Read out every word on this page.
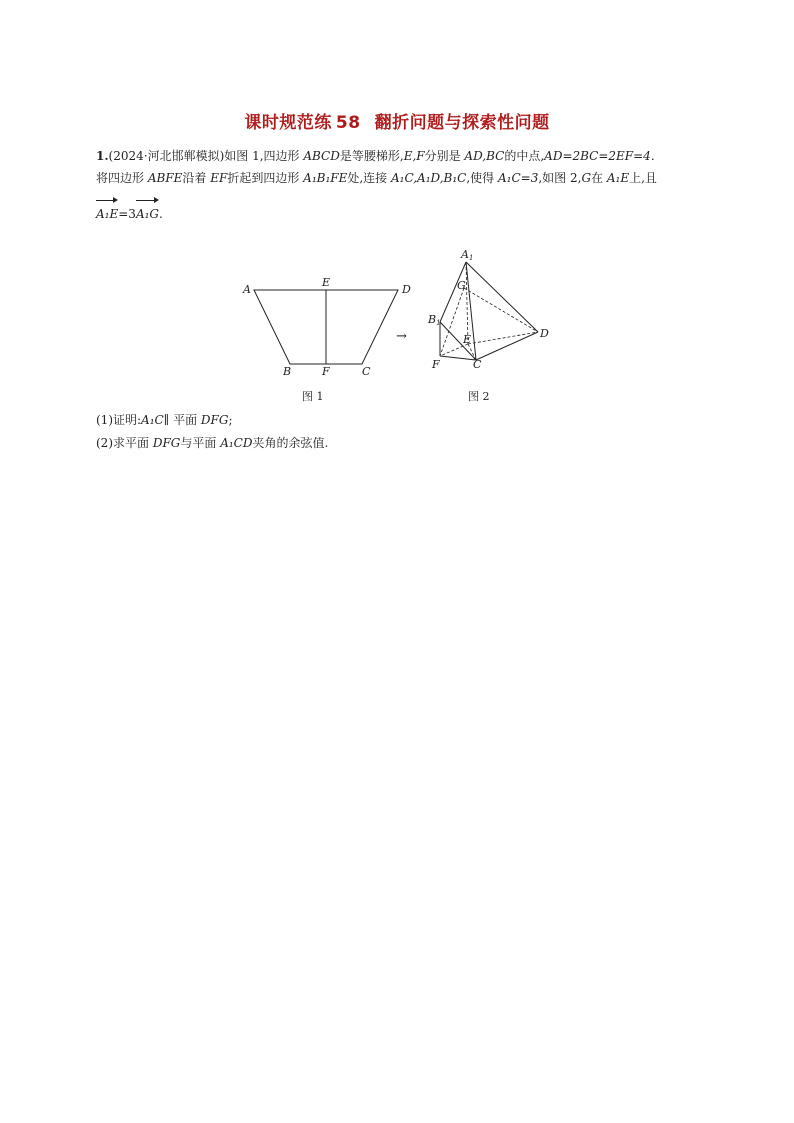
课时规范练 58 翻折问题与探索性问题
1.(2024·河北邯郸模拟)如图 1,四边形 ABCD是等腰梯形,E,F分别是 AD,BC的中点,AD=2BC=2EF=4.
将四边形 ABFE沿着 EF折起到四边形 A₁B₁FE处,连接 A₁C,A₁D,B₁C,使得 A₁C=3,如图 2,G在 A₁E上,且
A₁E=3A₁G.
A
E
D
B	F	C
图 1
→
A1
G
B1
E	D
F	C
图 2
(1)证明:A₁C∥ 平面 DFG;
(2)求平面 DFG与平面 A₁CD夹角的余弦值.
